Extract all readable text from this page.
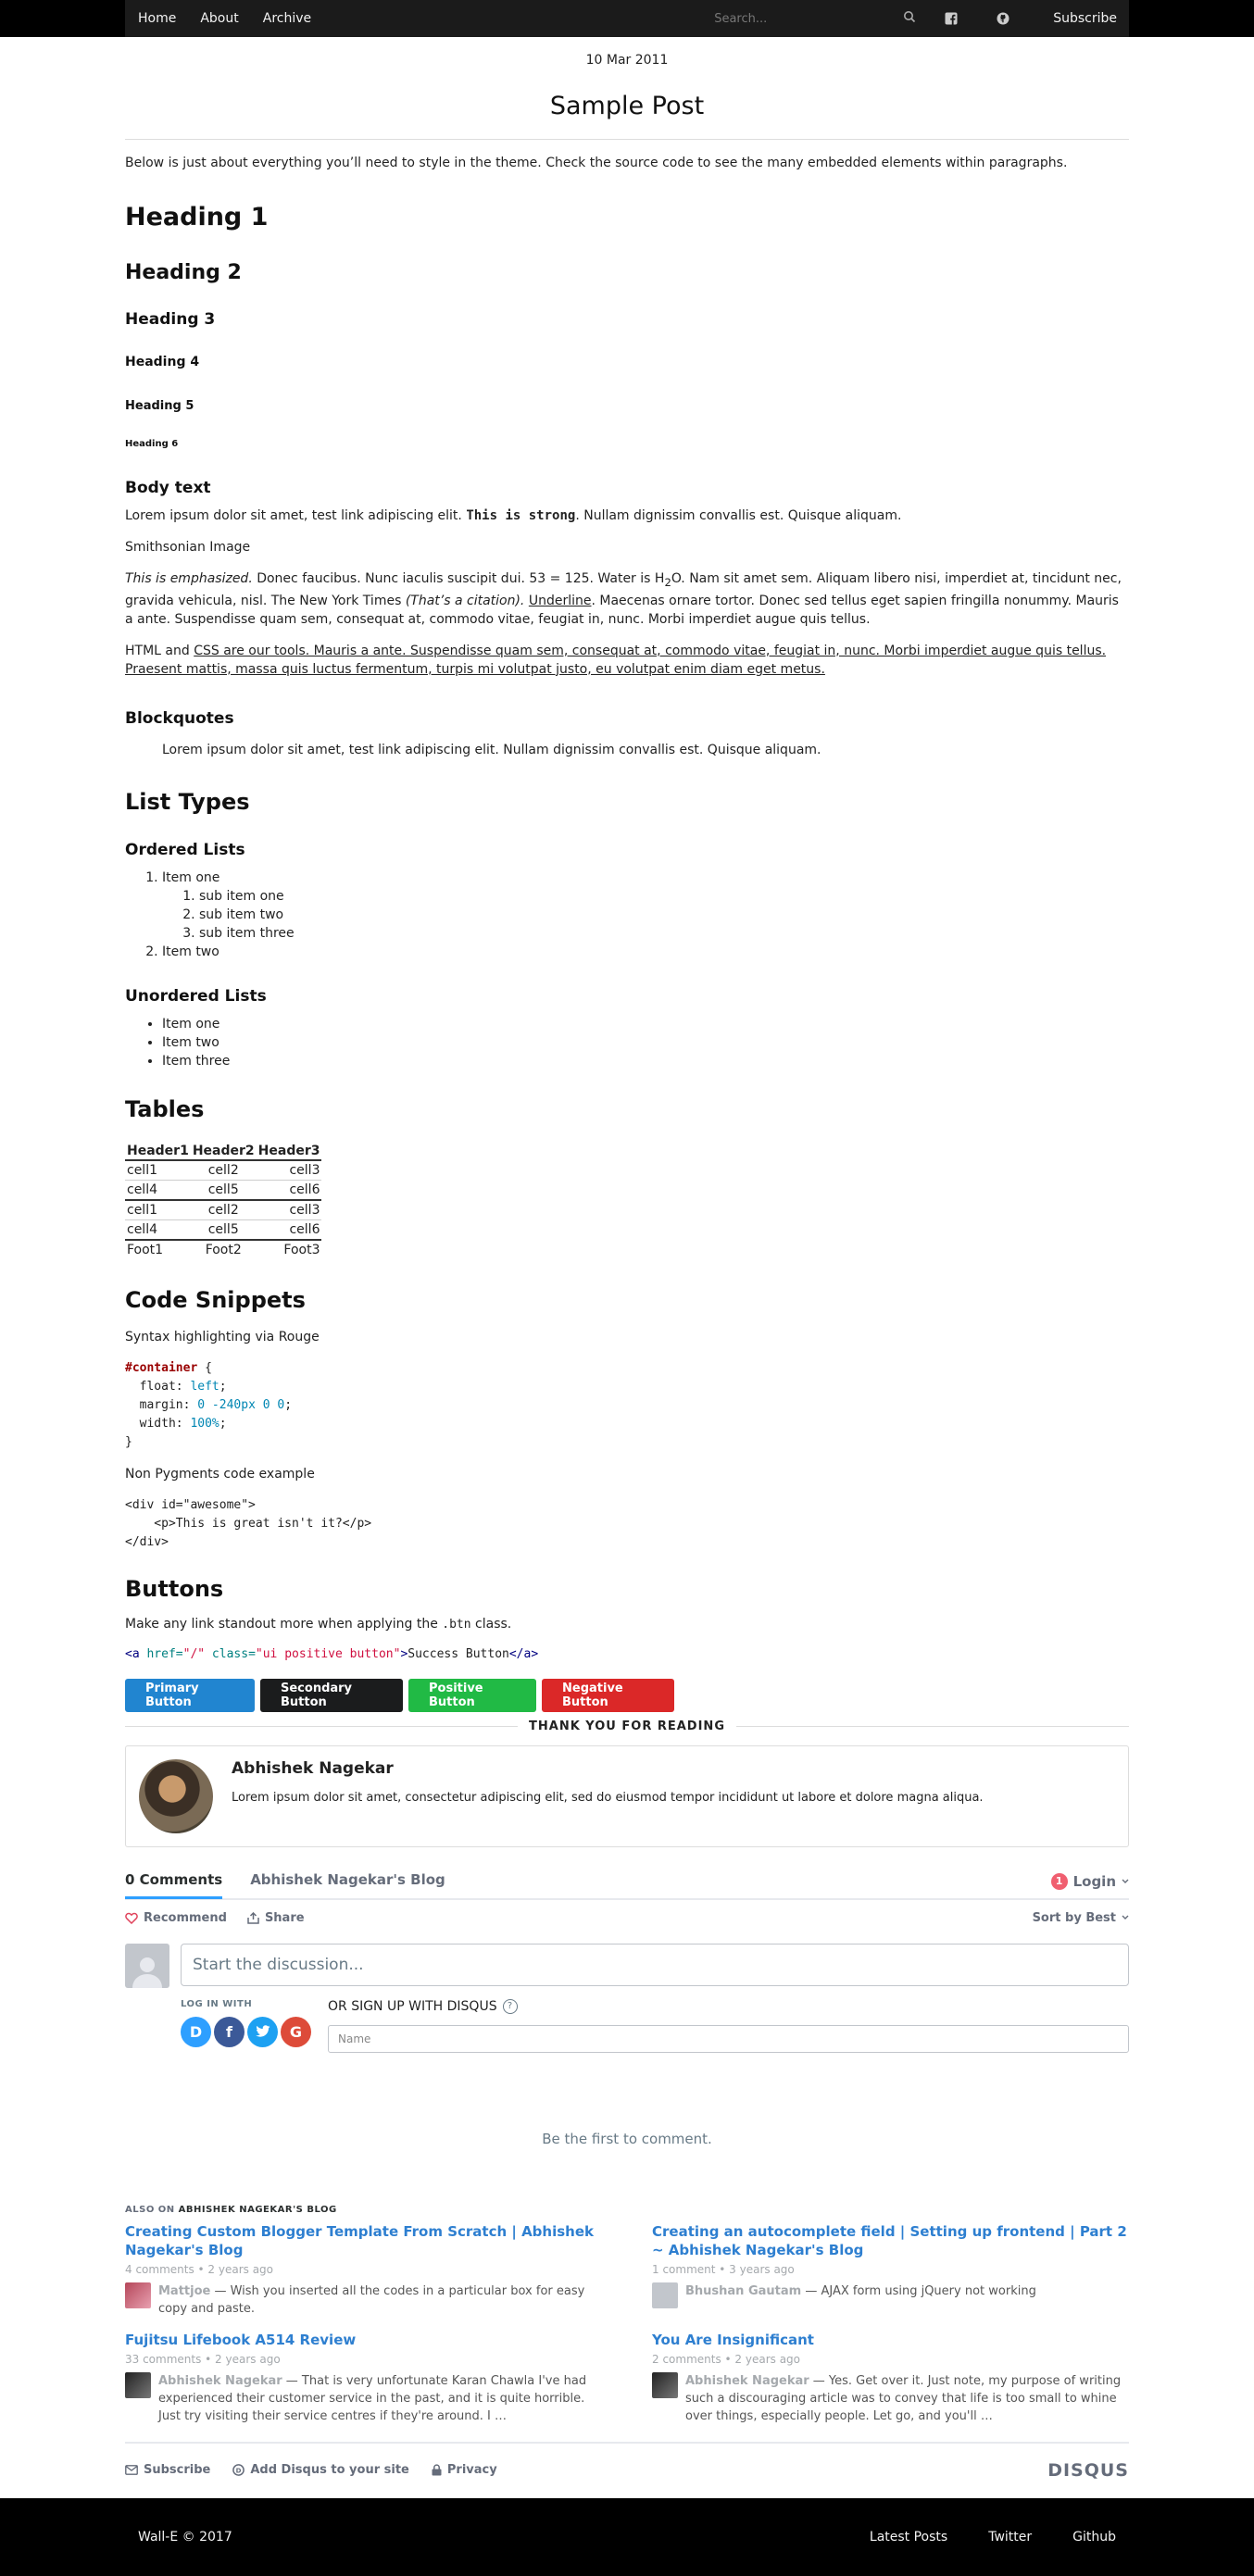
Home	About	Archive
Search...	Subscribe
10 Mar 2011
Sample Post

Below is just about everything you’ll need to style in the theme. Check the source code to see the many embedded elements within paragraphs.

Heading 1
Heading 2
Heading 3
Heading 4
Heading 5
Heading 6
Body text

Lorem ipsum dolor sit amet, test link adipiscing elit. This is strong. Nullam dignissim convallis est. Quisque aliquam.

Smithsonian Image

This is emphasized. Donec faucibus. Nunc iaculis suscipit dui. 53 = 125. Water is $H_2O$. Nam sit amet sem. Aliquam libero nisi, imperdiet at, tincidunt nec, gravida vehicula, nisl. The New York Times (That’s a citation). Underline. Maecenas ornare tortor. Donec sed tellus eget sapien fringilla nonummy. Mauris a ante. Suspendisse quam sem, consequat at, commodo vitae, feugiat in, nunc. Morbi imperdiet augue quis tellus.

HTML and CSS are our tools. Mauris a ante. Suspendisse quam sem, consequat at, commodo vitae, feugiat in, nunc. Morbi imperdiet augue quis tellus. Praesent mattis, massa quis luctus fermentum, turpis mi volutpat justo, eu volutpat enim diam eget metus.

Blockquotes
Lorem ipsum dolor sit amet, test link adipiscing elit. Nullam dignissim convallis est. Quisque aliquam.
List Types
Ordered Lists
1. Item one
1. sub item one
2. sub item two
3. sub item three
2. Item two
Unordered Lists
• Item one
• Item two
• Item three
Tables
Header1	Header2	Header3
cell1	cell2	cell3
cell4	cell5	cell6
cell1	cell2	cell3
cell4	cell5	cell6
Foot1	Foot2	Foot3
Code Snippets

Syntax highlighting via Rouge

#container {
float: left;
margin: 0 -240px 0 0;
width: 100%;
}

Non Pygments code example

<div id="awesome">
<p>This is great isn't it?</p>
</div>
Buttons

Make any link standout more when applying the .btn class.

<a href="/" class="ui positive button">Success Button</a>
Primary Button
Secondary Button
Positive Button
Negative Button
THANK YOU FOR READING
Abhishek Nagekar
Lorem ipsum dolor sit amet, consectetur adipiscing elit, sed do eiusmod tempor incididunt ut labore et dolore magna aliqua.
0 Comments Abhishek Nagekar's Blog	1 Login
Recommend	Share	Sort by Best
Start the discussion...
LOG IN WITH
D	f	G
OR SIGN UP WITH DISQUS	?
Name
Be the first to comment.
ALSO ON ABHISHEK NAGEKAR'S BLOG
Creating Custom Blogger Template From Scratch | Abhishek Nagekar's Blog
4 comments • 2 years ago
Mattjoe — Wish you inserted all the codes in a particular box for easy copy and paste.
Creating an autocomplete field | Setting up frontend | Part 2 ~ Abhishek Nagekar's Blog
1 comment • 3 years ago
Bhushan Gautam — AJAX form using jQuery not working
Fujitsu Lifebook A514 Review
33 comments • 2 years ago
Abhishek Nagekar — That is very unfortunate Karan Chawla I've had experienced their customer service in the past, and it is quite horrible. Just try visiting their service centres if they're around. I …
You Are Insignificant
2 comments • 2 years ago
Abhishek Nagekar — Yes. Get over it. Just note, my purpose of writing such a discouraging article was to convey that life is too small to whine over things, especially people. Let go, and you'll …
Subscribe	D Add Disqus to your site	Privacy	DISQUS
Wall-E © 2017	Latest Posts	Twitter	Github
